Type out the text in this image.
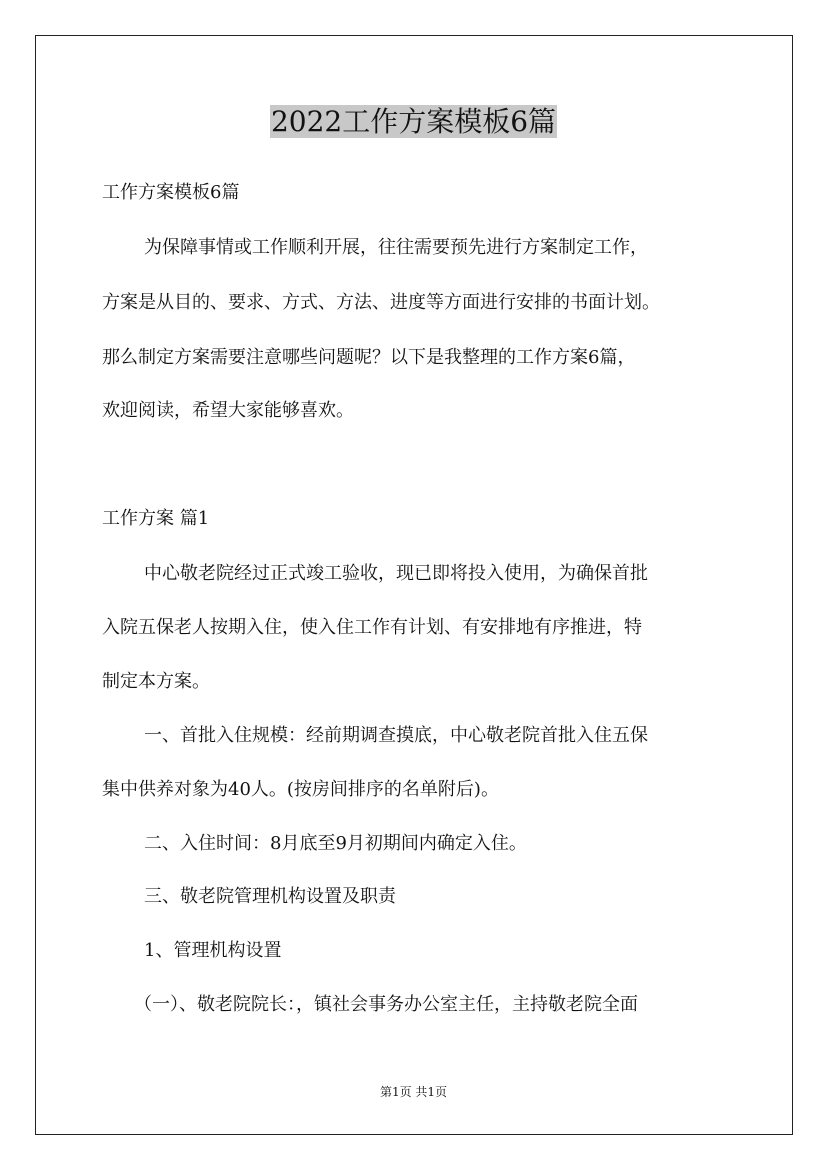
2022工作方案模板6篇

工作方案模板6篇

为保障事情或工作顺利开展，往往需要预先进行方案制定工作，

方案是从目的、要求、方式、方法、进度等方面进行安排的书面计划。

那么制定方案需要注意哪些问题呢？以下是我整理的工作方案6篇，

欢迎阅读，希望大家能够喜欢。

工作方案 篇1

中心敬老院经过正式竣工验收，现已即将投入使用，为确保首批

入院五保老人按期入住，使入住工作有计划、有安排地有序推进，特

制定本方案。

一、首批入住规模：经前期调查摸底，中心敬老院首批入住五保

集中供养对象为40人。(按房间排序的名单附后)。

二、入住时间：8月底至9月初期间内确定入住。

三、敬老院管理机构设置及职责

1、管理机构设置

（一）、敬老院院长：，镇社会事务办公室主任，主持敬老院全面

第1页 共1页
